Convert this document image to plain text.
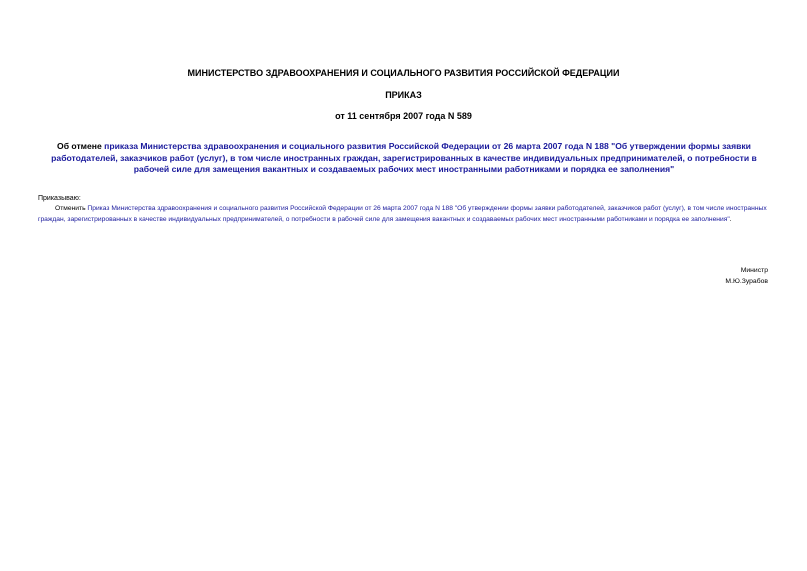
МИНИСТЕРСТВО ЗДРАВООХРАНЕНИЯ И СОЦИАЛЬНОГО РАЗВИТИЯ РОССИЙСКОЙ ФЕДЕРАЦИИ
ПРИКАЗ
от 11 сентября 2007 года N 589
Об отмене приказа Министерства здравоохранения и социального развития Российской Федерации от 26 марта 2007 года N 188 "Об утверждении формы заявки работодателей, заказчиков работ (услуг), в том числе иностранных граждан, зарегистрированных в качестве индивидуальных предпринимателей, о потребности в рабочей силе для замещения вакантных и создаваемых рабочих мест иностранными работниками и порядка ее заполнения"
Приказываю:
Отменить Приказ Министерства здравоохранения и социального развития Российской Федерации от 26 марта 2007 года N 188 "Об утверждении формы заявки работодателей, заказчиков работ (услуг), в том числе иностранных граждан, зарегистрированных в качестве индивидуальных предпринимателей, о потребности в рабочей силе для замещения вакантных и создаваемых рабочих мест иностранными работниками и порядка ее заполнения".
Министр
М.Ю.Зурабов
